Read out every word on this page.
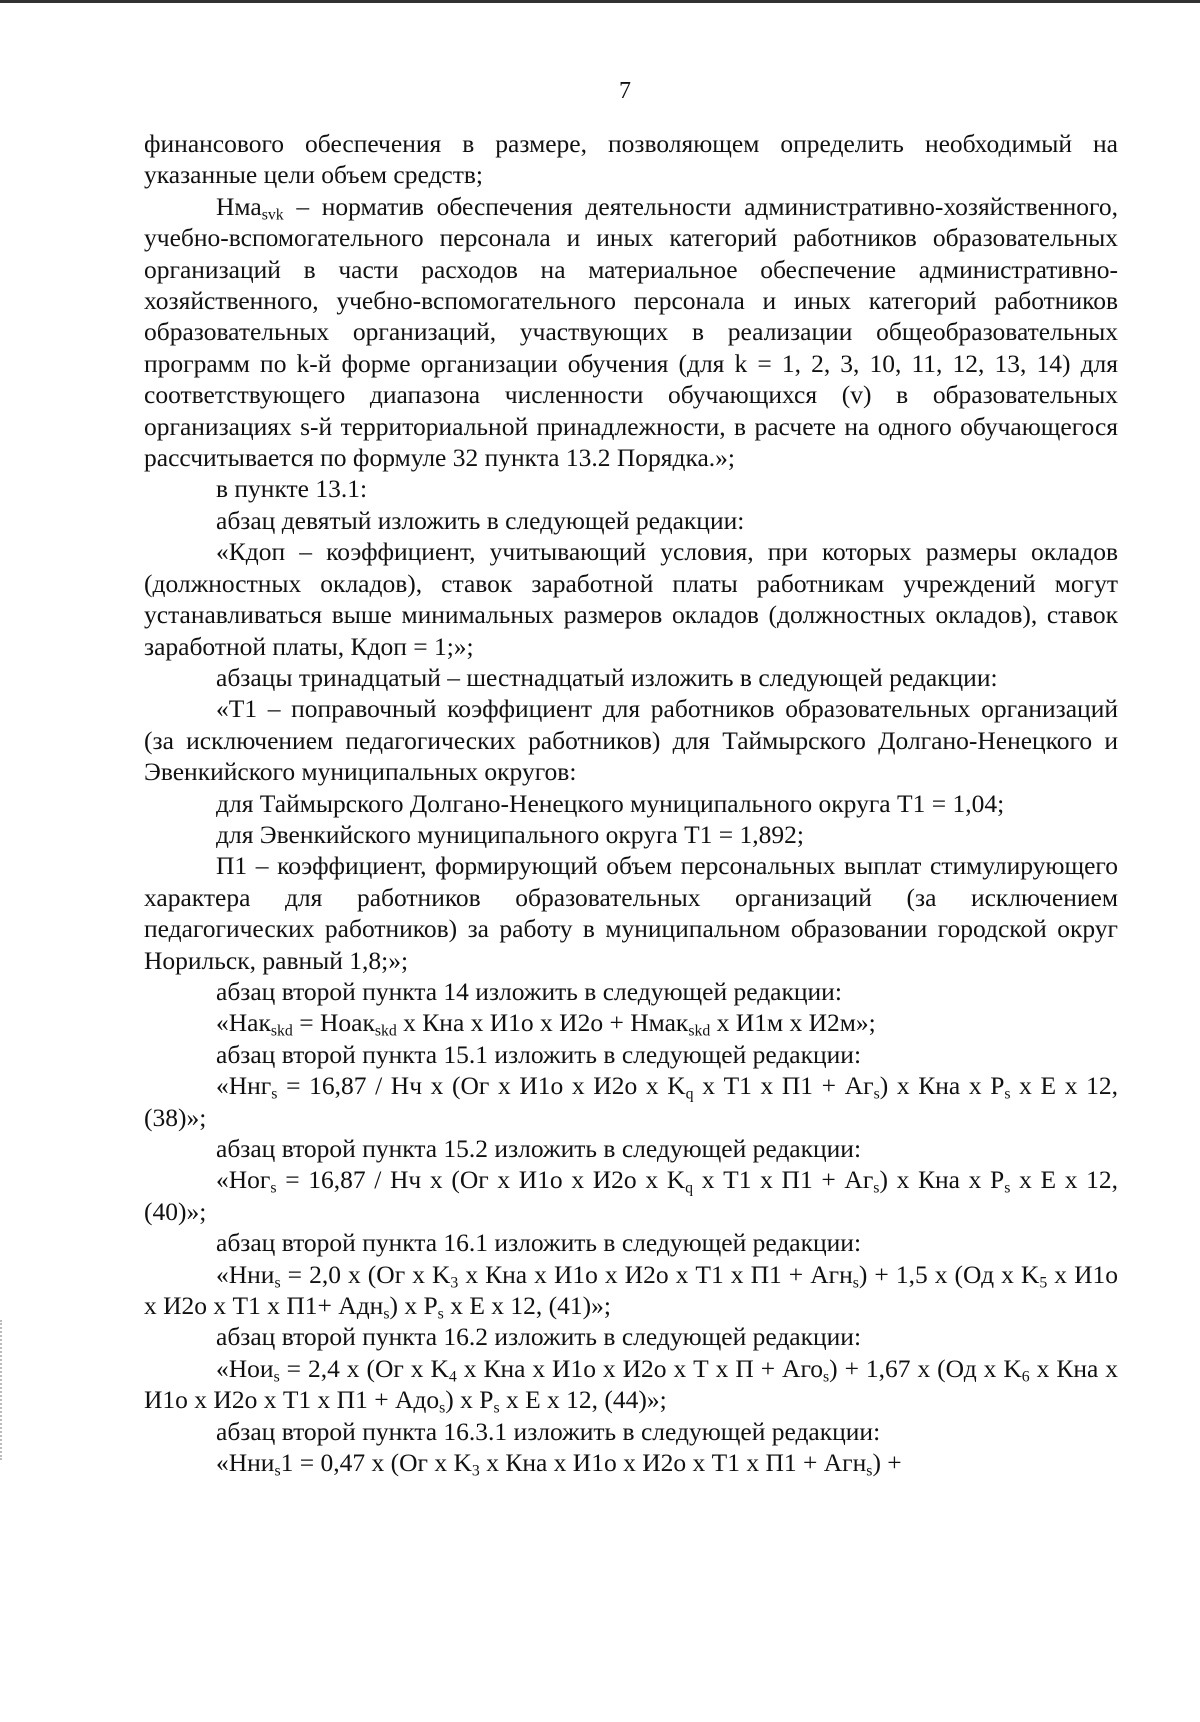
7

финансового обеспечения в размере, позволяющем определить необходимый на указанные цели объем средств;

Нма$_{svk}$ – норматив обеспечения деятельности административно-хозяйственного, учебно-вспомогательного персонала и иных категорий работников образовательных организаций в части расходов на материальное обеспечение административно-хозяйственного, учебно-вспомогательного персонала и иных категорий работников образовательных организаций, участвующих в реализации общеобразовательных программ по k-й форме организации обучения (для k = 1, 2, 3, 10, 11, 12, 13, 14) для соответствующего диапазона численности обучающихся (v) в образовательных организациях s-й территориальной принадлежности, в расчете на одного обучающегося рассчитывается по формуле 32 пункта 13.2 Порядка.»;

в пункте 13.1:

абзац девятый изложить в следующей редакции:

«Кдоп – коэффициент, учитывающий условия, при которых размеры окладов (должностных окладов), ставок заработной платы работникам учреждений могут устанавливаться выше минимальных размеров окладов (должностных окладов), ставок заработной платы, Кдоп = 1;»;

абзацы тринадцатый – шестнадцатый изложить в следующей редакции:

«Т1 – поправочный коэффициент для работников образовательных организаций (за исключением педагогических работников) для Таймырского Долгано-Ненецкого и Эвенкийского муниципальных округов:

для Таймырского Долгано-Ненецкого муниципального округа Т1 = 1,04;

для Эвенкийского муниципального округа Т1 = 1,892;

П1 – коэффициент, формирующий объем персональных выплат стимулирующего характера для работников образовательных организаций (за исключением педагогических работников) за работу в муниципальном образовании городской округ Норильск, равный 1,8;»;

абзац второй пункта 14 изложить в следующей редакции:

«Нак$_{skd}$ = Ноак$_{skd}$ x Кна x И1о x И2о + Нмак$_{skd}$ x И1м x И2м»;

абзац второй пункта 15.1 изложить в следующей редакции:

«Ннг$_s$ = 16,87 / Нч x (Ог x И1о x И2о x $K_q$ x Т1 x $П1 + Аг_s$) x Кна x $P_s$ x E x 12, (38)»;

абзац второй пункта 15.2 изложить в следующей редакции:

«Ног$_s$ = 16,87 / Нч x (Ог x И1о x И2о x $K_q$ x Т1 x $П1 + Аг_s$) x Кна x $P_s$ x E x 12, (40)»;

абзац второй пункта 16.1 изложить в следующей редакции:

«Нни$_s$ = 2,0 x (Ог x $K_3$ x Кна x И1о x И2о x Т1 x П1 + Агн$_s$) + 1,5 x (Од x $K_5$ x И1о x И2о x Т1 x П1+ Адн$_s$) x $P_s$ x E x 12, (41)»;

абзац второй пункта 16.2 изложить в следующей редакции:

«Нои$_s$ = 2,4 x (Ог x $K_4$ x Кна x И1о x И2о x Т x П + Аго$_s$) + 1,67 x (Од x $K_6$ x Кна x И1о x И2о x Т1 x П1 + Адо$_s$) x $P_s$ x E x 12, (44)»;

абзац второй пункта 16.3.1 изложить в следующей редакции:

«Нни$_s$1 = 0,47 x (Ог x $K_3$ x Кна x И1о x И2о x Т1 x П1 + Агн$_s$) +
